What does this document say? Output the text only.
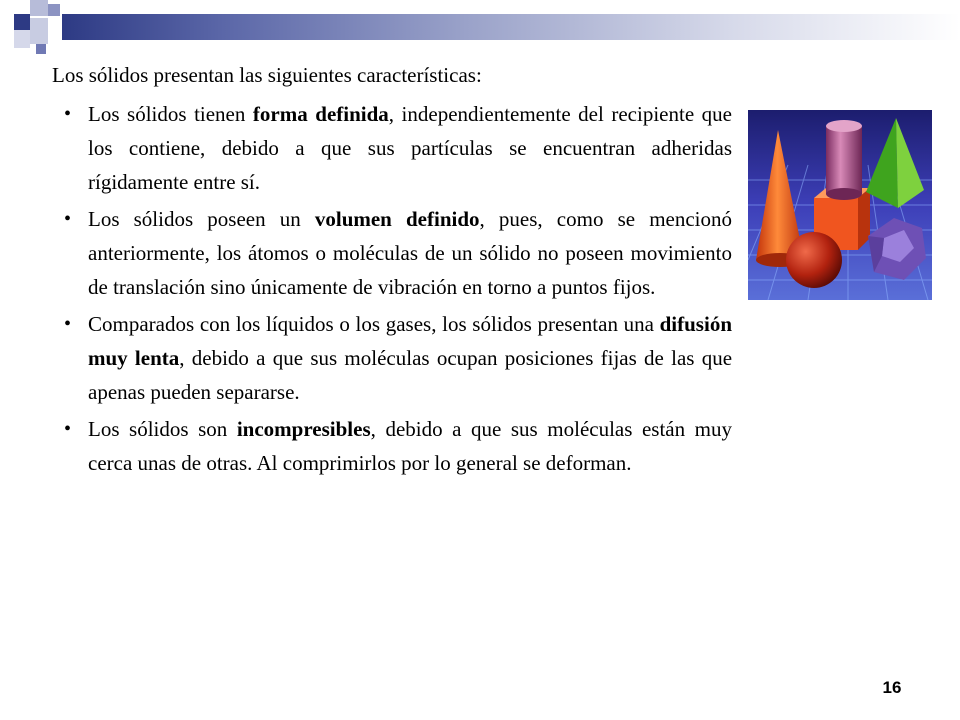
Los sólidos presentan las siguientes características:

• Los sólidos tienen forma definida, independientemente del recipiente que los contiene, debido a que sus partículas se encuentran adheridas rígidamente entre sí.
• Los sólidos poseen un volumen definido, pues, como se mencionó anteriormente, los átomos o moléculas de un sólido no poseen movimiento de translación sino únicamente de vibración en torno a puntos fijos.
• Comparados con los líquidos o los gases, los sólidos presentan una difusión muy lenta, debido a que sus moléculas ocupan posiciones fijas de las que apenas pueden separarse.
• Los sólidos son incompresibles, debido a que sus moléculas están muy cerca unas de otras. Al comprimirlos por lo general se deforman.
16
